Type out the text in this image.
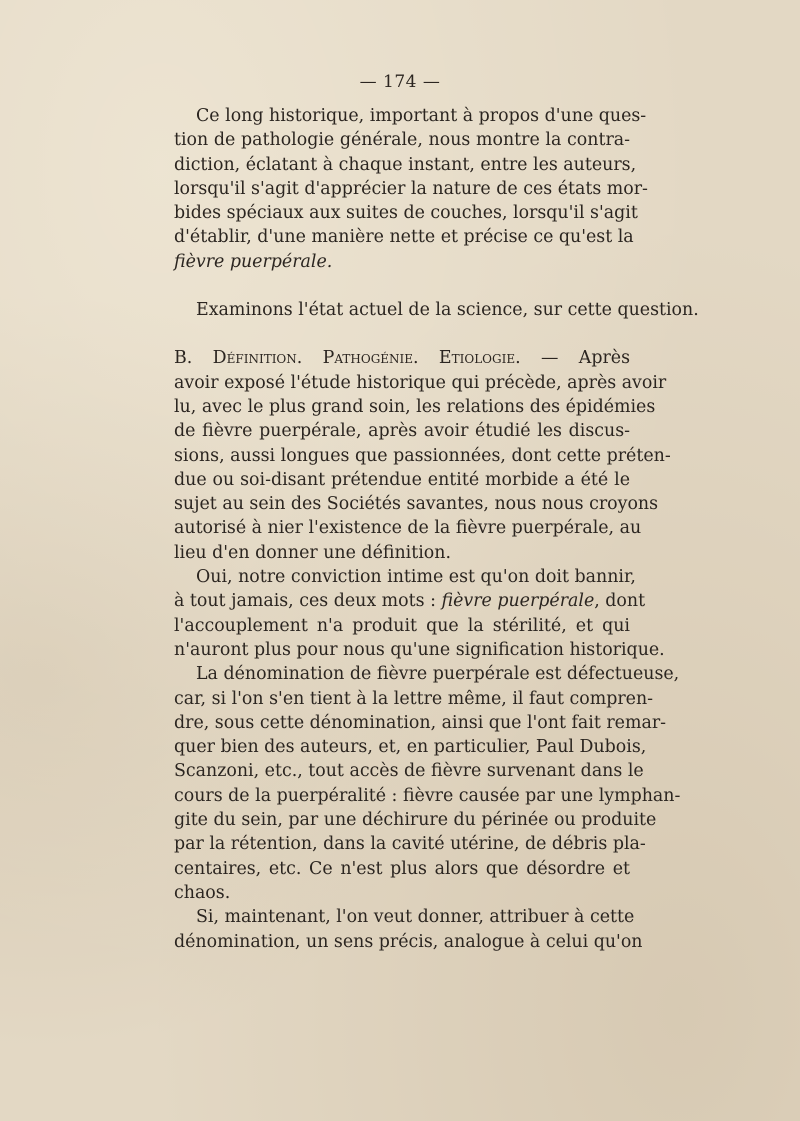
— 174 —
Ce long historique, important à propos d'une ques-
tion de pathologie générale, nous montre la contra-
diction, éclatant à chaque instant, entre les auteurs,
lorsqu'il s'agit d'apprécier la nature de ces états mor-
bides spéciaux aux suites de couches, lorsqu'il s'agit
d'établir, d'une manière nette et précise ce qu'est la
fièvre puerpérale.
Examinons l'état actuel de la science, sur cette question.
B. Définition. Pathogénie. Etiologie. — Après
avoir exposé l'étude historique qui précède, après avoir
lu, avec le plus grand soin, les relations des épidémies
de fièvre puerpérale, après avoir étudié les discus-
sions, aussi longues que passionnées, dont cette préten-
due ou soi-disant prétendue entité morbide a été le
sujet au sein des Sociétés savantes, nous nous croyons
autorisé à nier l'existence de la fièvre puerpérale, au
lieu d'en donner une définition.
Oui, notre conviction intime est qu'on doit bannir,
à tout jamais, ces deux mots : fièvre puerpérale, dont
l'accouplement n'a produit que la stérilité, et qui
n'auront plus pour nous qu'une signification historique.
La dénomination de fièvre puerpérale est défectueuse,
car, si l'on s'en tient à la lettre même, il faut compren-
dre, sous cette dénomination, ainsi que l'ont fait remar-
quer bien des auteurs, et, en particulier, Paul Dubois,
Scanzoni, etc., tout accès de fièvre survenant dans le
cours de la puerpéralité : fièvre causée par une lymphan-
gite du sein, par une déchirure du périnée ou produite
par la rétention, dans la cavité utérine, de débris pla-
centaires, etc. Ce n'est plus alors que désordre et
chaos.
Si, maintenant, l'on veut donner, attribuer à cette
dénomination, un sens précis, analogue à celui qu'on
